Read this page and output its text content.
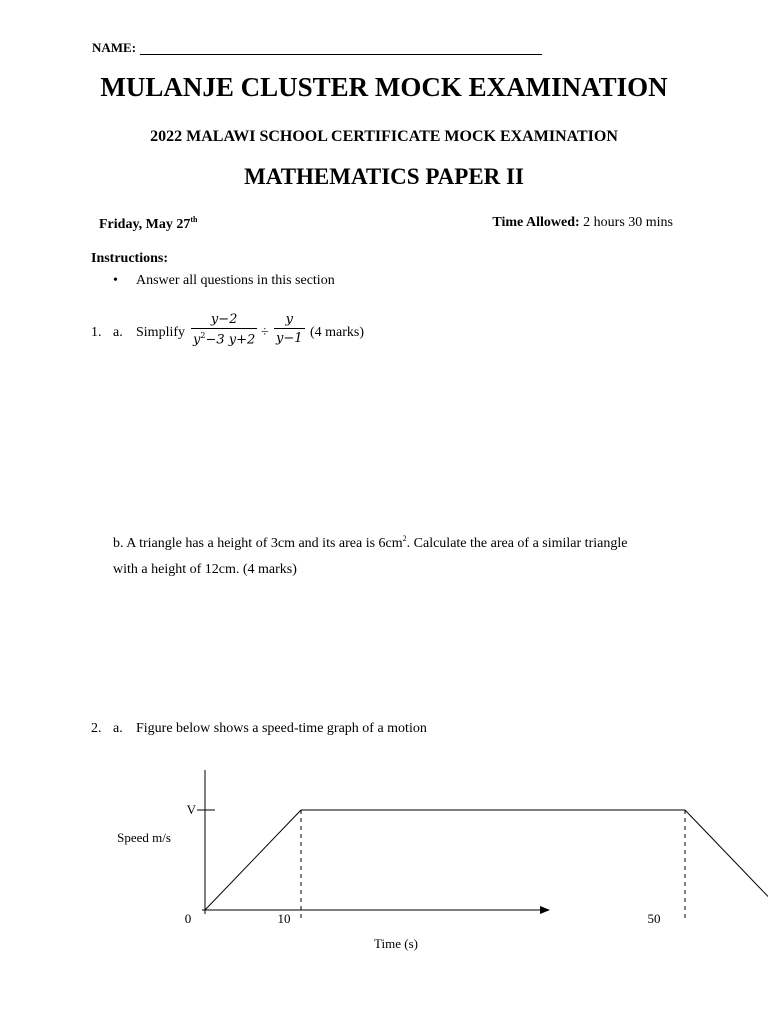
NAME:
MULANJE CLUSTER MOCK EXAMINATION
2022 MALAWI SCHOOL CERTIFICATE MOCK EXAMINATION
MATHEMATICS PAPER II
Friday, May 27th	Time Allowed: 2 hours 30 mins
Instructions:
• Answer all questions in this section
1. a. Simplify
y−2
$y^2-3$ y+2 ÷
y
y−1 (4 marks)
b. A triangle has a height of 3cm and its area is $6cm^2$. Calculate the area of a similar triangle
with a height of 12cm. (4 marks)
2. a. Figure below shows a speed-time graph of a motion
V
0	10	50
Time (s)
Speed m/s
